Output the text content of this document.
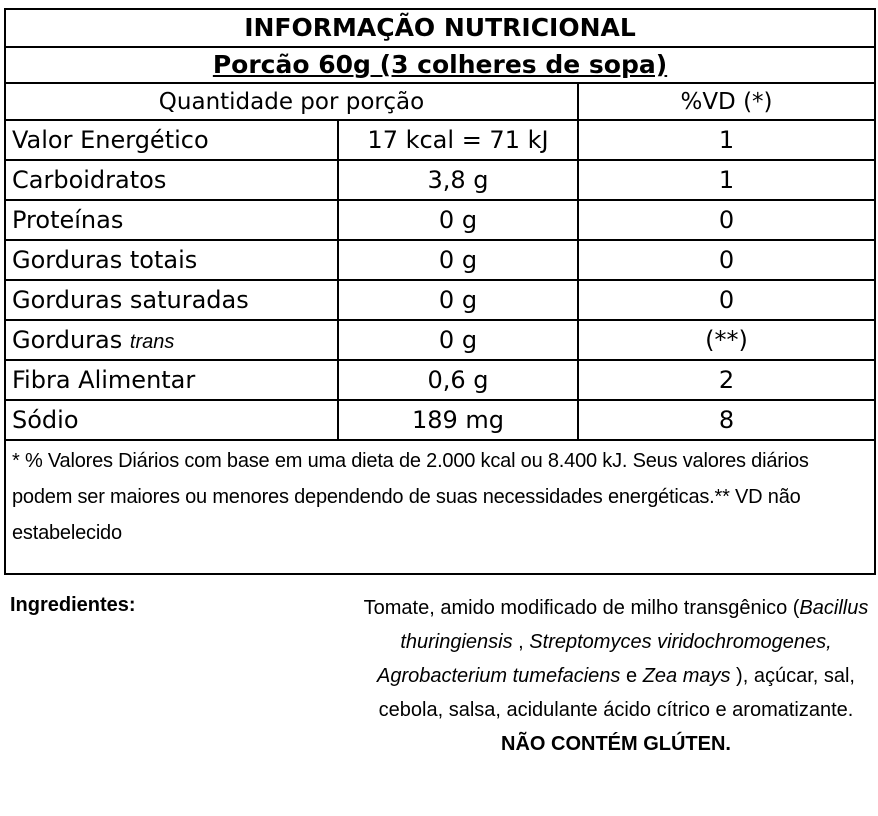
INFORMAÇÃO NUTRICIONAL		
Porcão 60g (3 colheres de sopa)		
Quantidade por porção		%VD (*)
Valor Energético	17 kcal = 71 kJ	1
Carboidratos	3,8 g	1
Proteínas	0 g	0
Gorduras totais	0 g	0
Gorduras saturadas	0 g	0
Gorduras trans	0 g	(**)
Fibra Alimentar	0,6 g	2
Sódio	189 mg	8
* % Valores Diários com base em uma dieta de 2.000 kcal ou 8.400 kJ. Seus valores diários podem ser maiores ou menores dependendo de suas necessidades energéticas.** VD não estabelecido		
Ingredientes:	Tomate, amido modificado de milho transgênico (Bacillus thuringiensis , Streptomyces viridochromogenes, Agrobacterium tumefaciens e Zea mays ), açúcar, sal, cebola, salsa, acidulante ácido cítrico e aromatizante.
NÃO CONTÉM GLÚTEN.
